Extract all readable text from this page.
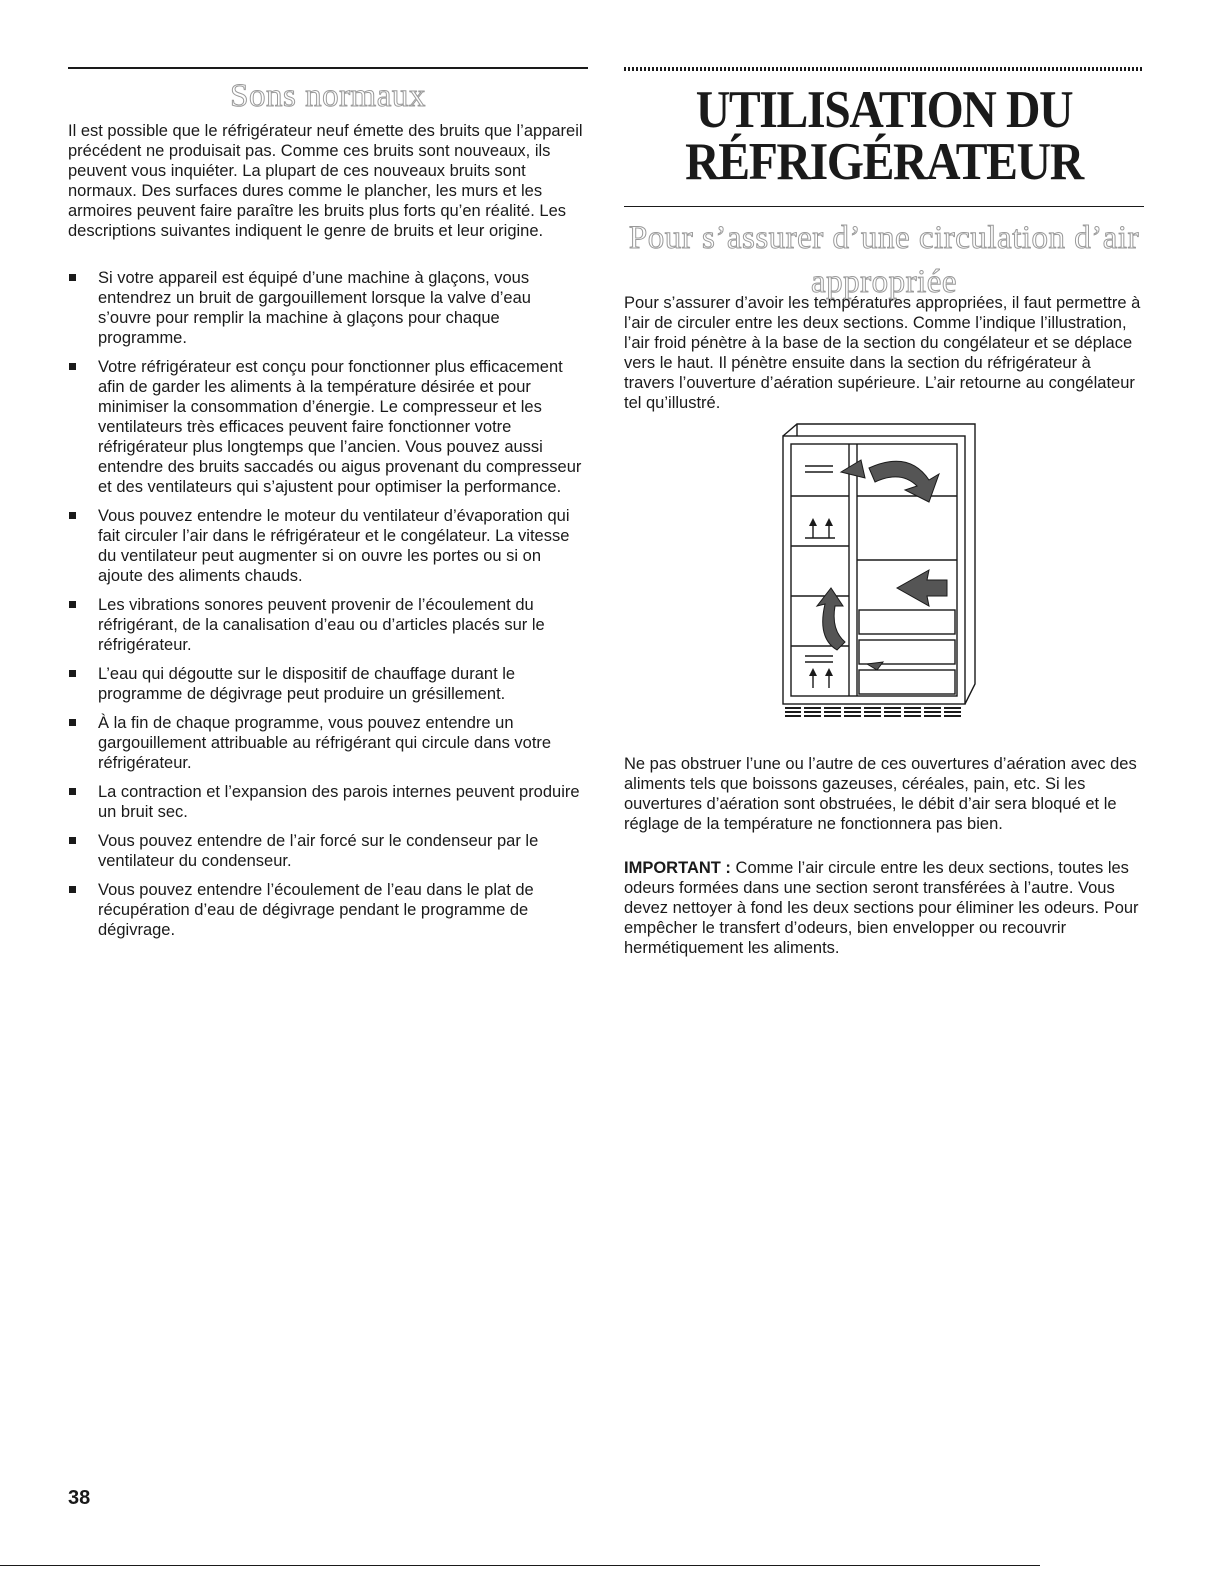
Sons normaux

Il est possible que le réfrigérateur neuf émette des bruits que l’appareil précédent ne produisait pas. Comme ces bruits sont nouveaux, ils peuvent vous inquiéter. La plupart de ces nouveaux bruits sont normaux. Des surfaces dures comme le plancher, les murs et les armoires peuvent faire paraître les bruits plus forts qu’en réalité. Les descriptions suivantes indiquent le genre de bruits et leur origine.

Si votre appareil est équipé d’une machine à glaçons, vous entendrez un bruit de gargouillement lorsque la valve d’eau s’ouvre pour remplir la machine à glaçons pour chaque programme.
Votre réfrigérateur est conçu pour fonctionner plus efficacement afin de garder les aliments à la température désirée et pour minimiser la consommation d’énergie. Le compresseur et les ventilateurs très efficaces peuvent faire fonctionner votre réfrigérateur plus longtemps que l’ancien. Vous pouvez aussi entendre des bruits saccadés ou aigus provenant du compresseur et des ventilateurs qui s’ajustent pour optimiser la performance.
Vous pouvez entendre le moteur du ventilateur d’évaporation qui fait circuler l’air dans le réfrigérateur et le congélateur. La vitesse du ventilateur peut augmenter si on ouvre les portes ou si on ajoute des aliments chauds.
Les vibrations sonores peuvent provenir de l’écoulement du réfrigérant, de la canalisation d’eau ou d’articles placés sur le réfrigérateur.
L’eau qui dégoutte sur le dispositif de chauffage durant le programme de dégivrage peut produire un grésillement.
À la fin de chaque programme, vous pouvez entendre un gargouillement attribuable au réfrigérant qui circule dans votre réfrigérateur.
La contraction et l’expansion des parois internes peuvent produire un bruit sec.
Vous pouvez entendre de l’air forcé sur le condenseur par le ventilateur du condenseur.
Vous pouvez entendre l’écoulement de l’eau dans le plat de récupération d’eau de dégivrage pendant le programme de dégivrage.
UTILISATION DU
RÉFRIGÉRATEUR
Pour s’assurer d’une circulation d’air appropriée

Pour s’assurer d’avoir les températures appropriées, il faut permettre à l’air de circuler entre les deux sections. Comme l’indique l’illustration, l’air froid pénètre à la base de la section du congélateur et se déplace vers le haut. Il pénètre ensuite dans la section du réfrigérateur à travers l’ouverture d’aération supérieure. L’air retourne au congélateur tel qu’illustré.

Ne pas obstruer l’une ou l’autre de ces ouvertures d’aération avec des aliments tels que boissons gazeuses, céréales, pain, etc. Si les ouvertures d’aération sont obstruées, le débit d’air sera bloqué et le réglage de la température ne fonctionnera pas bien.

IMPORTANT : Comme l’air circule entre les deux sections, toutes les odeurs formées dans une section seront transférées à l’autre. Vous devez nettoyer à fond les deux sections pour éliminer les odeurs. Pour empêcher le transfert d’odeurs, bien envelopper ou recouvrir hermétiquement les aliments.

38
